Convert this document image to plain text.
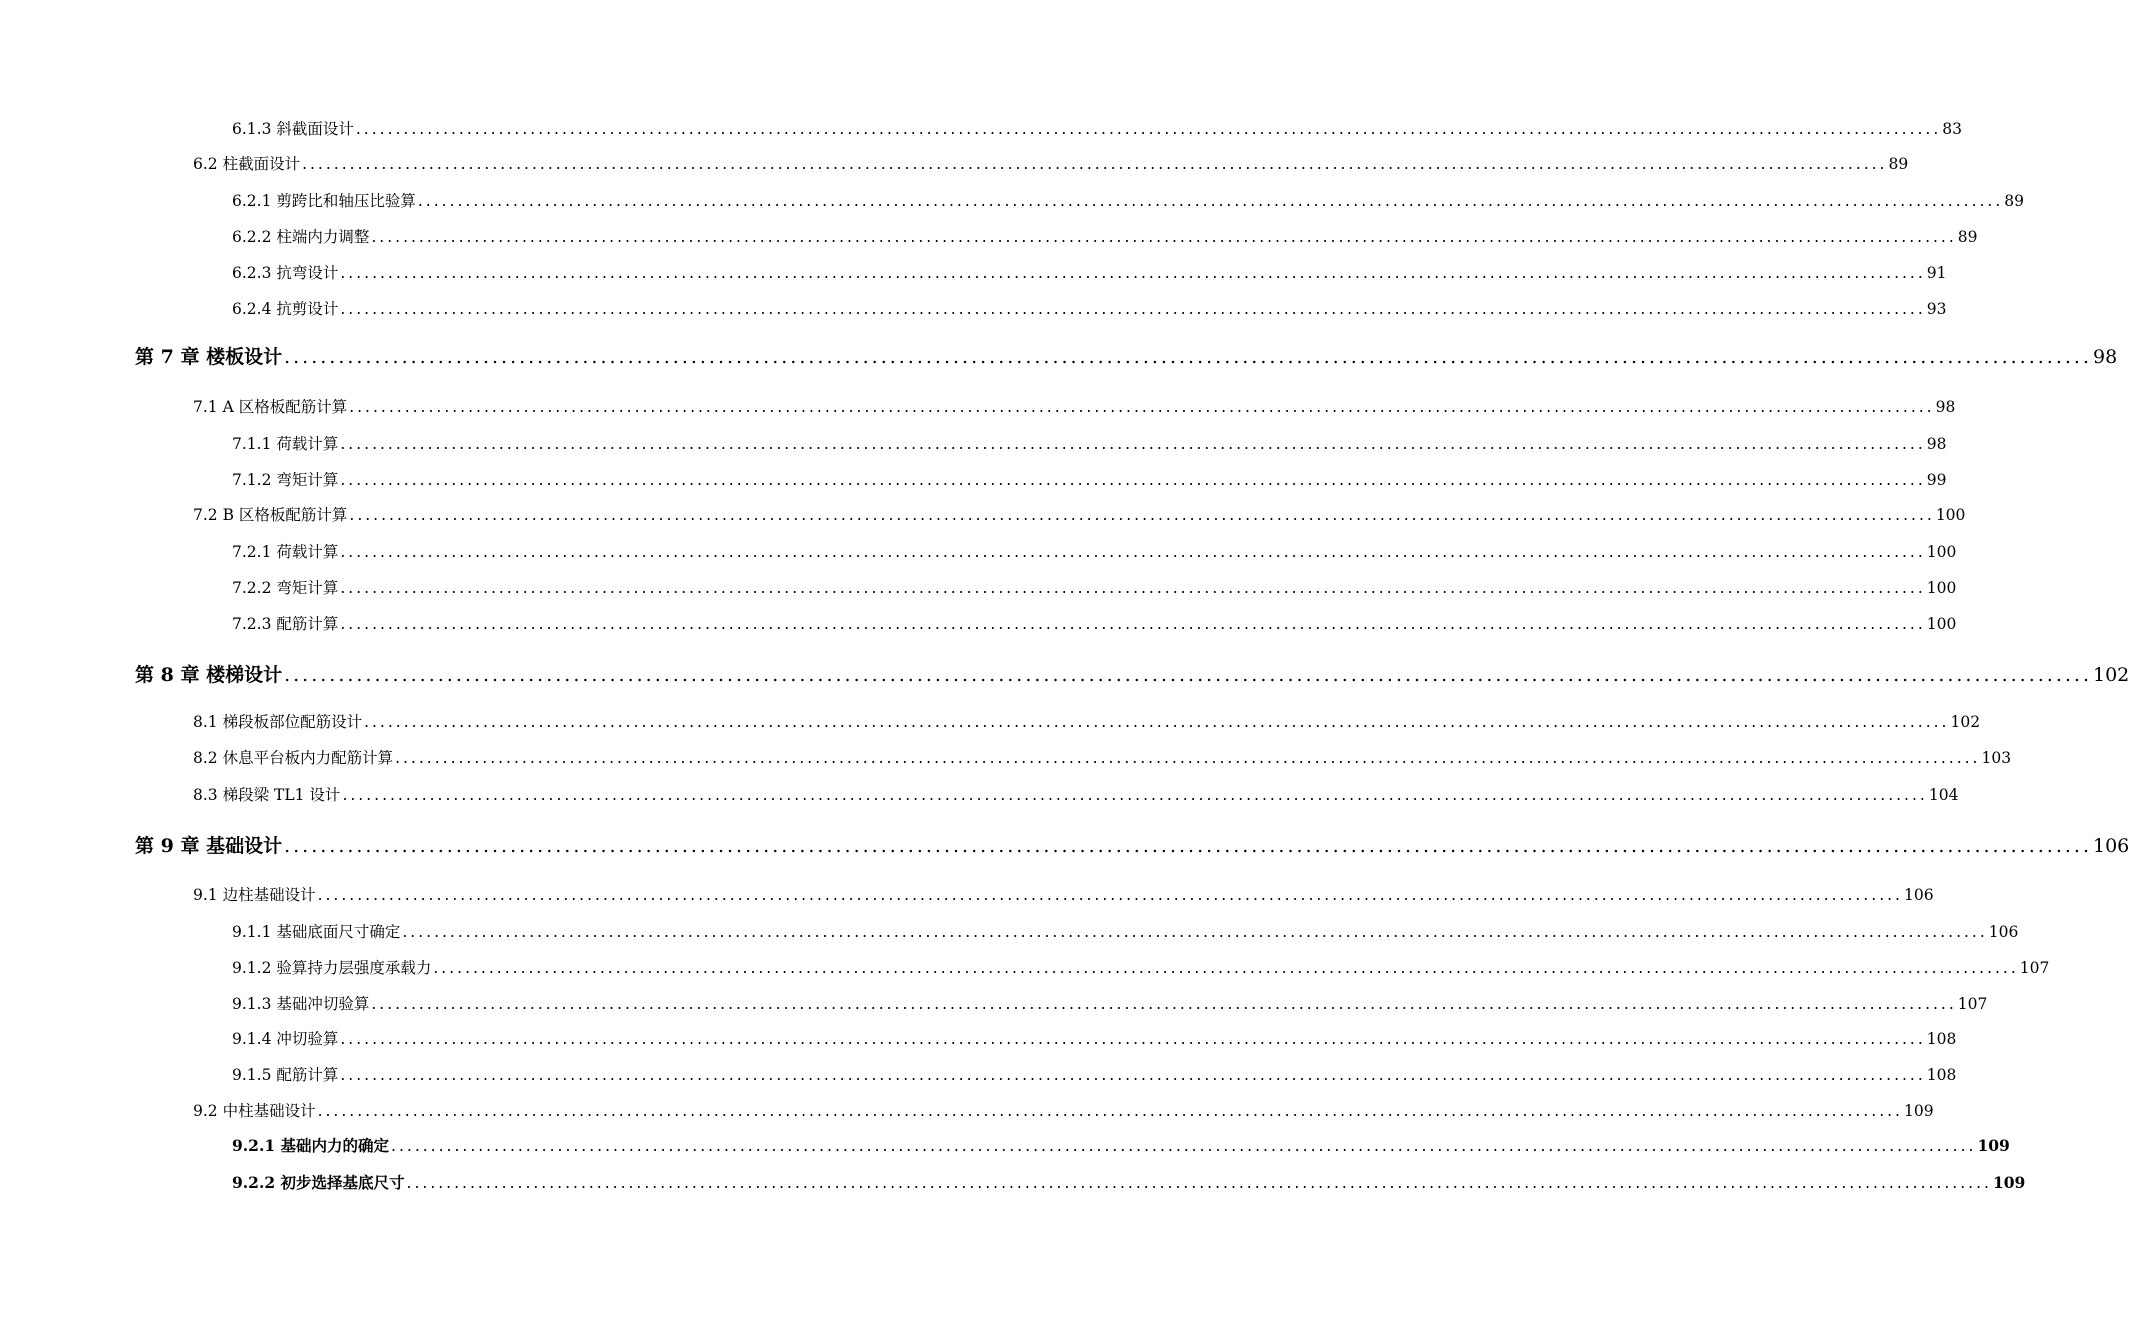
6.1.3 斜截面设计 ........................................................................................................................................................................................................ 83
6.2 柱截面设计 ........................................................................................................................................................................................................ 89
6.2.1 剪跨比和轴压比验算 ........................................................................................................................................................................................................ 89
6.2.2 柱端内力调整 ........................................................................................................................................................................................................ 89
6.2.3 抗弯设计 ........................................................................................................................................................................................................ 91
6.2.4 抗剪设计 ........................................................................................................................................................................................................ 93
第 7 章 楼板设计 ........................................................................................................................................................................................................ 98
7.1 A 区格板配筋计算 ........................................................................................................................................................................................................ 98
7.1.1 荷载计算 ........................................................................................................................................................................................................ 98
7.1.2 弯矩计算 ........................................................................................................................................................................................................ 99
7.2 B 区格板配筋计算 ........................................................................................................................................................................................................ 100
7.2.1 荷载计算 ........................................................................................................................................................................................................ 100
7.2.2 弯矩计算 ........................................................................................................................................................................................................ 100
7.2.3 配筋计算 ........................................................................................................................................................................................................ 100
第 8 章 楼梯设计 ........................................................................................................................................................................................................ 102
8.1 梯段板部位配筋设计 ........................................................................................................................................................................................................ 102
8.2 休息平台板内力配筋计算 ........................................................................................................................................................................................................ 103
8.3 梯段梁 TL1 设计 ........................................................................................................................................................................................................ 104
第 9 章 基础设计 ........................................................................................................................................................................................................ 106
9.1 边柱基础设计 ........................................................................................................................................................................................................ 106
9.1.1 基础底面尺寸确定 ........................................................................................................................................................................................................ 106
9.1.2 验算持力层强度承载力 ........................................................................................................................................................................................................ 107
9.1.3 基础冲切验算 ........................................................................................................................................................................................................ 107
9.1.4 冲切验算 ........................................................................................................................................................................................................ 108
9.1.5 配筋计算 ........................................................................................................................................................................................................ 108
9.2 中柱基础设计 ........................................................................................................................................................................................................ 109
9.2.1 基础内力的确定 ........................................................................................................................................................................................................ 109
9.2.2 初步选择基底尺寸 ........................................................................................................................................................................................................ 109
